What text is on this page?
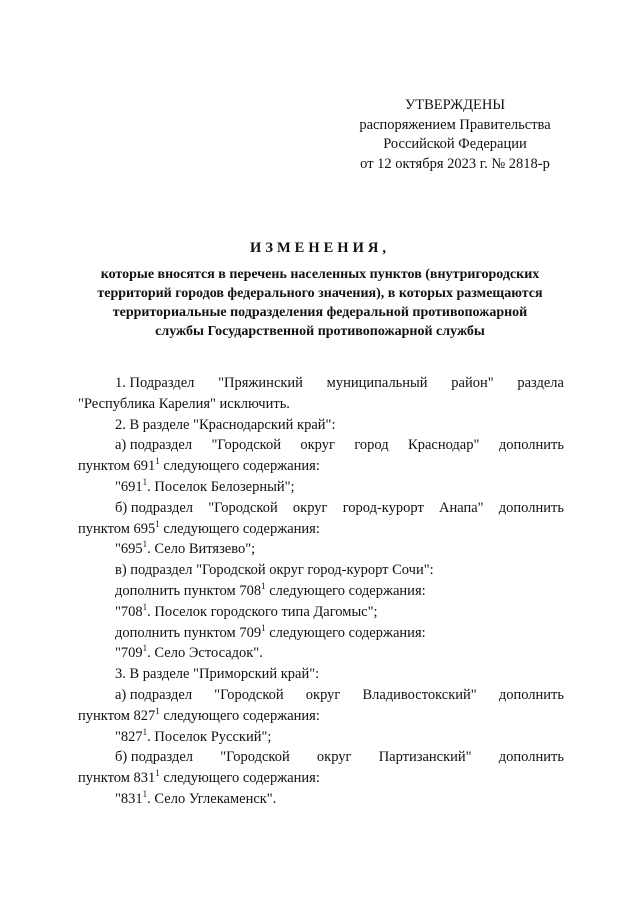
УТВЕРЖДЕНЫ
распоряжением Правительства
Российской Федерации
от 12 октября 2023 г. № 2818-р
ИЗМЕНЕНИЯ,
которые вносятся в перечень населенных пунктов (внутригородских
территорий городов федерального значения), в которых размещаются
территориальные подразделения федеральной противопожарной
службы Государственной противопожарной службы
1. Подраздел "Пряжинский муниципальный район" раздела
"Республика Карелия" исключить.
2. В разделе "Краснодарский край":
а) подраздел "Городской округ город Краснодар" дополнить
пунктом $691^1$ следующего содержания:
"$691^1$. Поселок Белозерный";
б) подраздел "Городской округ город-курорт Анапа" дополнить
пунктом $695^1$ следующего содержания:
"$695^1$. Село Витязево";
в) подраздел "Городской округ город-курорт Сочи":
дополнить пунктом $708^1$ следующего содержания:
"$708^1$. Поселок городского типа Дагомыс";
дополнить пунктом $709^1$ следующего содержания:
"$709^1$. Село Эстосадок".
3. В разделе "Приморский край":
а) подраздел "Городской округ Владивостокский" дополнить
пунктом $827^1$ следующего содержания:
"$827^1$. Поселок Русский";
б) подраздел "Городской округ Партизанский" дополнить
пунктом $831^1$ следующего содержания:
"$831^1$. Село Углекаменск".
